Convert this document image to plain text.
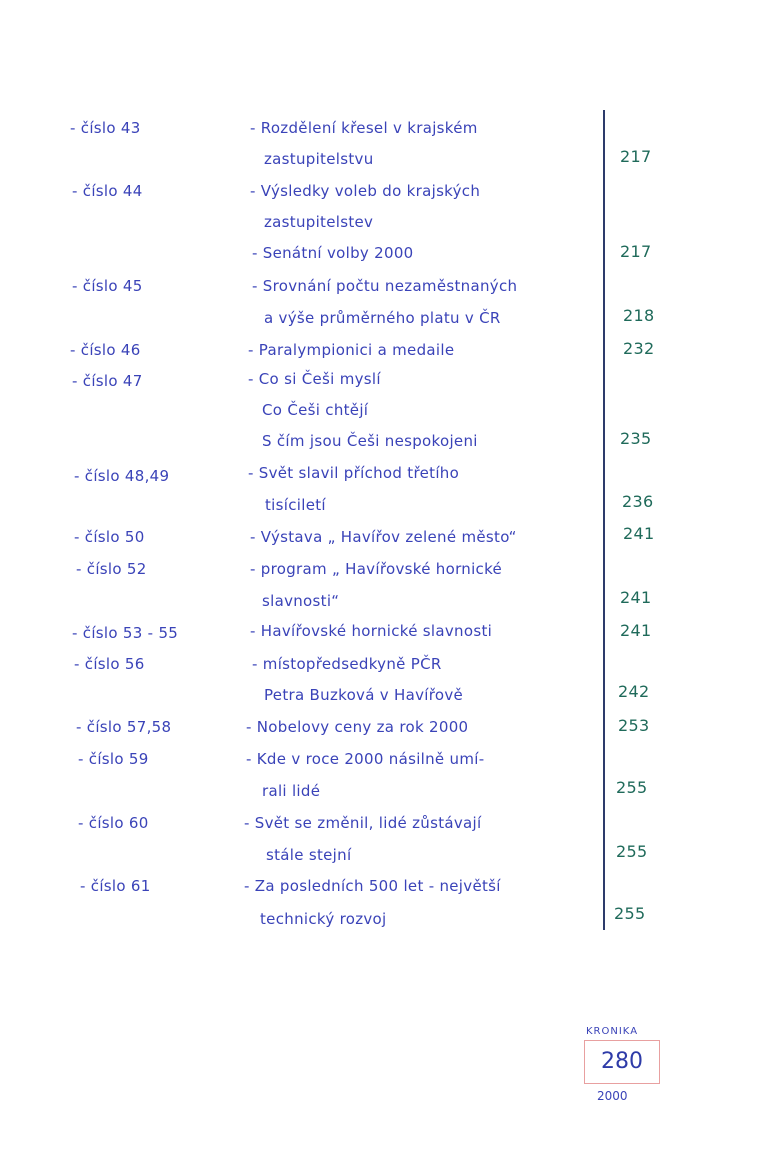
- číslo 43	- Rozdělení křesel v krajském
zastupitelstvu	217
- číslo 44	- Výsledky voleb do krajských
zastupitelstev
- Senátní volby 2000	217
- číslo 45	- Srovnání počtu nezaměstnaných
a výše průměrného platu v ČR	218
- číslo 46	- Paralympionici a medaile	232
- číslo 47	- Co si Češi myslí
Co Češi chtějí
S čím jsou Češi nespokojeni	235
- číslo 48,49	- Svět slavil příchod třetího
tisíciletí	236
- číslo 50	- Výstava „ Havířov zelené město“	241
- číslo 52	- program „ Havířovské hornické
slavnosti“	241
- číslo 53 - 55	- Havířovské hornické slavnosti	241
- číslo 56	- místopředsedkyně PČR
Petra Buzková v Havířově	242
- číslo 57,58	- Nobelovy ceny za rok 2000	253
- číslo 59	- Kde v roce 2000 násilně umí-
rali lidé	255
- číslo 60	- Svět se změnil, lidé zůstávají
stále stejní	255
- číslo 61	- Za posledních 500 let - největší
technický rozvoj	255
KRONIKA
280
2000
